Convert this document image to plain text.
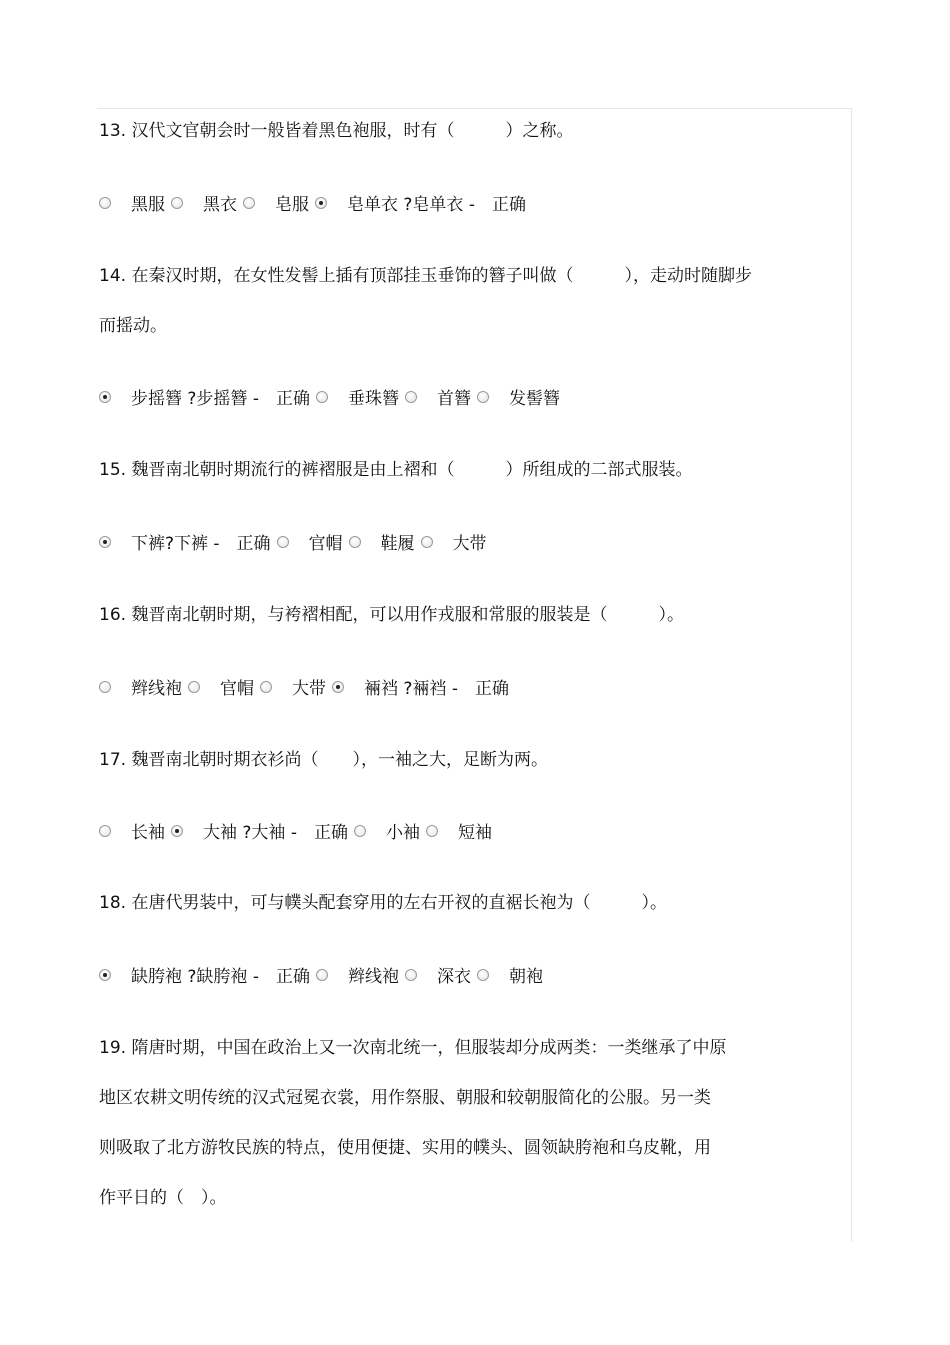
13. 汉代文官朝会时一般皆着黑色袍服，时有（　　　）之称。
黑服 黑衣 皂服 皂单衣 ?皂单衣 -　正确
14. 在秦汉时期，在女性发髻上插有顶部挂玉垂饰的簪子叫做（　　　），走动时随脚步
而摇动。
步摇簪 ?步摇簪 -　正确 垂珠簪 首簪 发髻簪
15. 魏晋南北朝时期流行的裤褶服是由上褶和（　　　）所组成的二部式服装。
下裤?下裤 -　正确 官帽 鞋履 大带
16. 魏晋南北朝时期，与袴褶相配，可以用作戎服和常服的服装是（　　　）。
辫线袍 官帽 大带 裲裆 ?裲裆 -　正确
17. 魏晋南北朝时期衣衫尚（　　），一袖之大，足断为两。
长袖 大袖 ?大袖 -　正确 小袖 短袖
18. 在唐代男装中，可与幞头配套穿用的左右开衩的直裾长袍为（　　　）。
缺胯袍 ?缺胯袍 -　正确 辫线袍 深衣 朝袍
19. 隋唐时期，中国在政治上又一次南北统一，但服装却分成两类：一类继承了中原
地区农耕文明传统的汉式冠冕衣裳，用作祭服、朝服和较朝服简化的公服。另一类
则吸取了北方游牧民族的特点，使用便捷、实用的幞头、圆领缺胯袍和乌皮靴，用
作平日的（　）。
